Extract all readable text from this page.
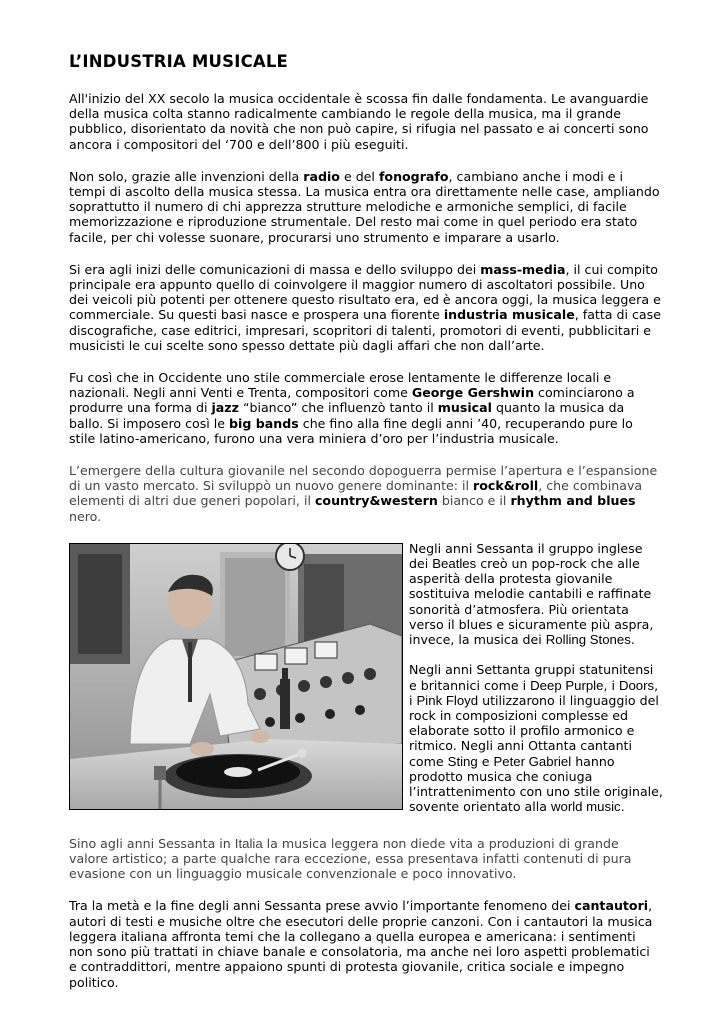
L’INDUSTRIA MUSICALE

All'inizio del XX secolo la musica occidentale è scossa fin dalle fondamenta. Le avanguardie della musica colta stanno radicalmente cambiando le regole della musica, ma il grande pubblico, disorientato da novità che non può capire, si rifugia nel passato e ai concerti sono ancora i compositori del ‘700 e dell’800 i più eseguiti.

Non solo, grazie alle invenzioni della radio e del fonografo, cambiano anche i modi e i tempi di ascolto della musica stessa. La musica entra ora direttamente nelle case, ampliando soprattutto il numero di chi apprezza strutture melodiche e armoniche semplici, di facile memorizzazione e riproduzione strumentale. Del resto mai come in quel periodo era stato facile, per chi volesse suonare, procurarsi uno strumento e imparare a usarlo.

Si era agli inizi delle comunicazioni di massa e dello sviluppo dei mass-media, il cui compito principale era appunto quello di coinvolgere il maggior numero di ascoltatori possibile. Uno dei veicoli più potenti per ottenere questo risultato era, ed è ancora oggi, la musica leggera e commerciale. Su questi basi nasce e prospera una fiorente industria musicale, fatta di case discografiche, case editrici, impresari, scopritori di talenti, promotori di eventi, pubblicitari e musicisti le cui scelte sono spesso dettate più dagli affari che non dall’arte.

Fu così che in Occidente uno stile commerciale erose lentamente le differenze locali e nazionali. Negli anni Venti e Trenta, compositori come George Gershwin cominciarono a produrre una forma di jazz “bianco” che influenzò tanto il musical quanto la musica da ballo. Si imposero così le big bands che fino alla fine degli anni ’40, recuperando pure lo stile latino-americano, furono una vera miniera d’oro per l’industria musicale.

L’emergere della cultura giovanile nel secondo dopoguerra permise l’apertura e l’espansione di un vasto mercato. Si sviluppò un nuovo genere dominante: il rock&roll, che combinava elementi di altri due generi popolari, il country&western bianco e il rhythm and blues nero.

Negli anni Sessanta il gruppo inglese dei Beatles creò un pop-rock che alle asperità della protesta giovanile sostituiva melodie cantabili e raffinate sonorità d’atmosfera. Più orientata verso il blues e sicuramente più aspra, invece, la musica dei Rolling Stones.

Negli anni Settanta gruppi statunitensi e britannici come i Deep Purple, i Doors, i Pink Floyd utilizzarono il linguaggio del rock in composizioni complesse ed elaborate sotto il profilo armonico e ritmico. Negli anni Ottanta cantanti come Sting e Peter Gabriel hanno prodotto musica che coniuga l’intrattenimento con uno stile originale, sovente orientato alla world music.

Sino agli anni Sessanta in Italia la musica leggera non diede vita a produzioni di grande valore artistico; a parte qualche rara eccezione, essa presentava infatti contenuti di pura evasione con un linguaggio musicale convenzionale e poco innovativo.

Tra la metà e la fine degli anni Sessanta prese avvio l’importante fenomeno dei cantautori, autori di testi e musiche oltre che esecutori delle proprie canzoni. Con i cantautori la musica leggera italiana affronta temi che la collegano a quella europea e americana: i sentimenti non sono più trattati in chiave banale e consolatoria, ma anche nei loro aspetti problematici e contraddittori, mentre appaiono spunti di protesta giovanile, critica sociale e impegno politico.
